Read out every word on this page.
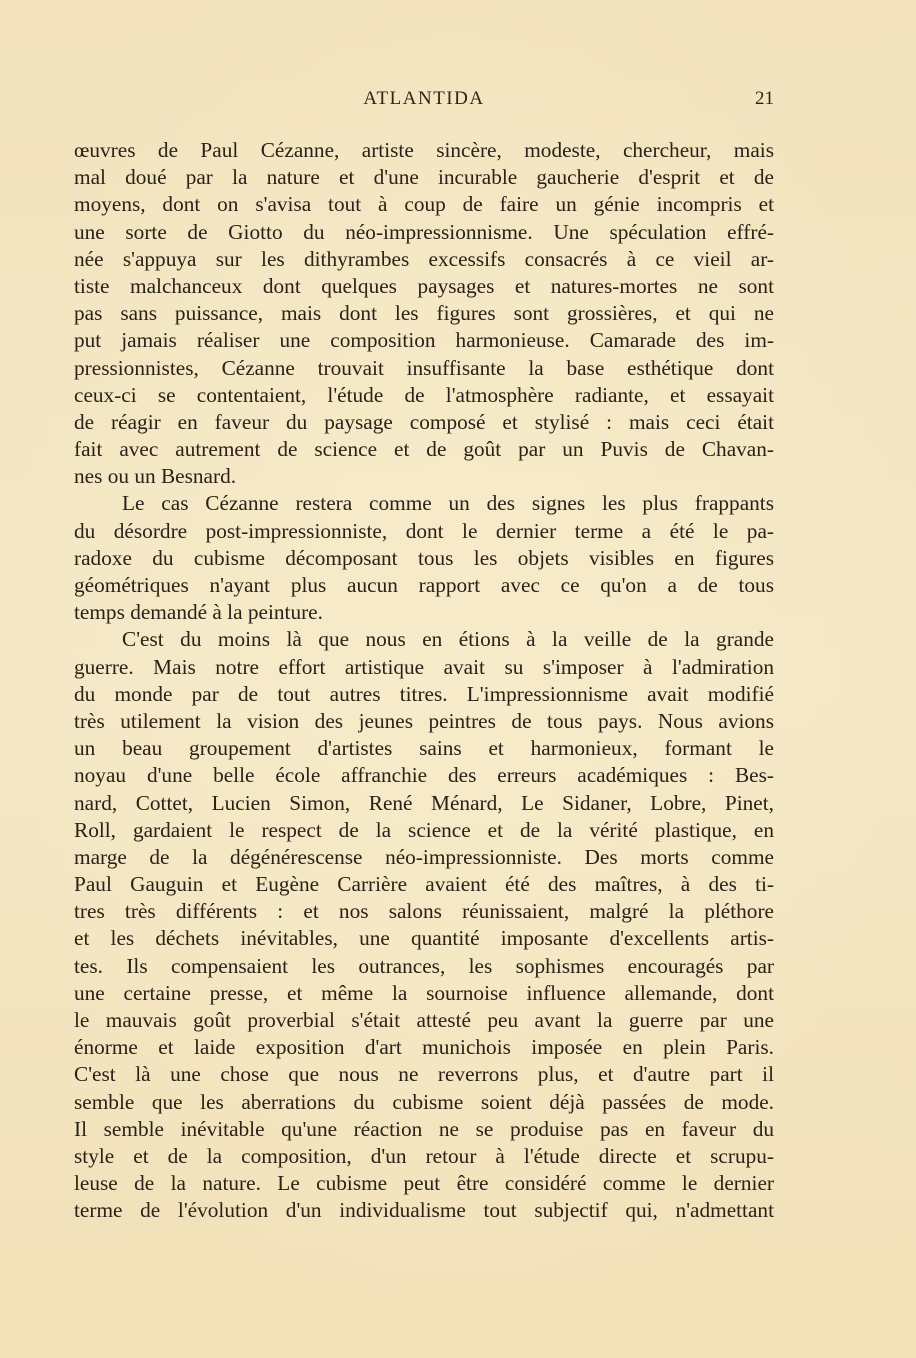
ATLANTIDA	21
œuvres de Paul Cézanne, artiste sincère, modeste, chercheur, mais
mal doué par la nature et d'une incurable gaucherie d'esprit et de
moyens, dont on s'avisa tout à coup de faire un génie incompris et
une sorte de Giotto du néo-impressionnisme. Une spéculation effré-
née s'appuya sur les dithyrambes excessifs consacrés à ce vieil ar-
tiste malchanceux dont quelques paysages et natures-mortes ne sont
pas sans puissance, mais dont les figures sont grossières, et qui ne
put jamais réaliser une composition harmonieuse. Camarade des im-
pressionnistes, Cézanne trouvait insuffisante la base esthétique dont
ceux-ci se contentaient, l'étude de l'atmosphère radiante, et essayait
de réagir en faveur du paysage composé et stylisé : mais ceci était
fait avec autrement de science et de goût par un Puvis de Chavan-
nes ou un Besnard.
Le cas Cézanne restera comme un des signes les plus frappants
du désordre post-impressionniste, dont le dernier terme a été le pa-
radoxe du cubisme décomposant tous les objets visibles en figures
géométriques n'ayant plus aucun rapport avec ce qu'on a de tous
temps demandé à la peinture.
C'est du moins là que nous en étions à la veille de la grande
guerre. Mais notre effort artistique avait su s'imposer à l'admiration
du monde par de tout autres titres. L'impressionnisme avait modifié
très utilement la vision des jeunes peintres de tous pays. Nous avions
un beau groupement d'artistes sains et harmonieux, formant le
noyau d'une belle école affranchie des erreurs académiques : Bes-
nard, Cottet, Lucien Simon, René Ménard, Le Sidaner, Lobre, Pinet,
Roll, gardaient le respect de la science et de la vérité plastique, en
marge de la dégénérescense néo-impressionniste. Des morts comme
Paul Gauguin et Eugène Carrière avaient été des maîtres, à des ti-
tres très différents : et nos salons réunissaient, malgré la pléthore
et les déchets inévitables, une quantité imposante d'excellents artis-
tes. Ils compensaient les outrances, les sophismes encouragés par
une certaine presse, et même la sournoise influence allemande, dont
le mauvais goût proverbial s'était attesté peu avant la guerre par une
énorme et laide exposition d'art munichois imposée en plein Paris.
C'est là une chose que nous ne reverrons plus, et d'autre part il
semble que les aberrations du cubisme soient déjà passées de mode.
Il semble inévitable qu'une réaction ne se produise pas en faveur du
style et de la composition, d'un retour à l'étude directe et scrupu-
leuse de la nature. Le cubisme peut être considéré comme le dernier
terme de l'évolution d'un individualisme tout subjectif qui, n'admettant
